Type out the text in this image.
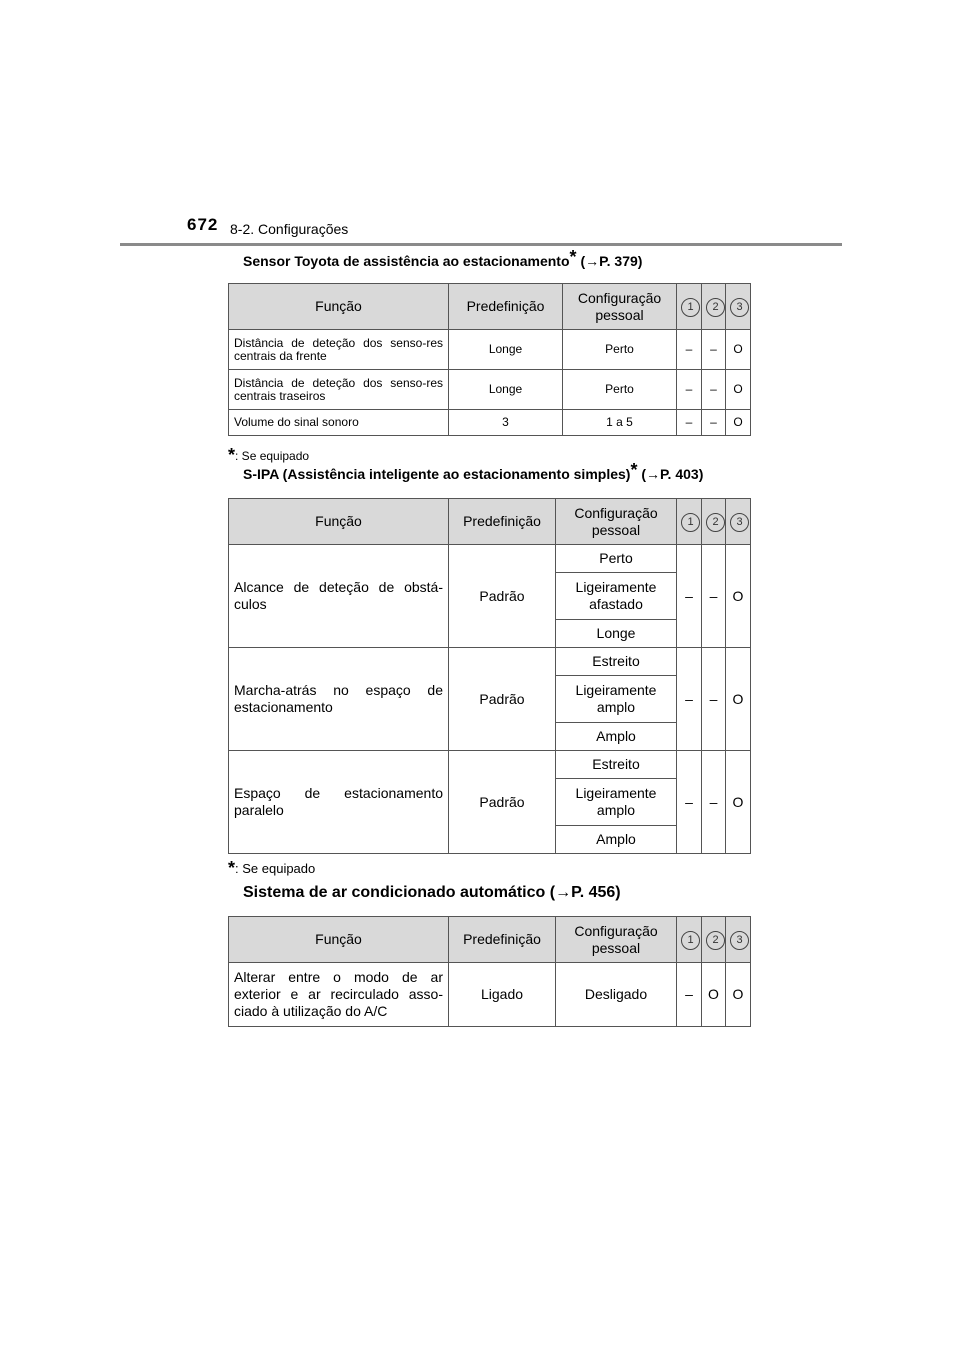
672 8-2. Configurações
Sensor Toyota de assistência ao estacionamento* (→P. 379)
Função	Predefinição	Configuração pessoal	1	2	3
Distância de deteção dos senso-res centrais da frente	Longe	Perto	–	–	O
Distância de deteção dos senso-res centrais traseiros	Longe	Perto	–	–	O
Volume do sinal sonoro	3	1 a 5	–	–	O
*: Se equipado
S-IPA (Assistência inteligente ao estacionamento simples)* (→P. 403)
Função	Predefinição	Configuração pessoal	1	2	3
Alcance de deteção de obstá-culos	Padrão	Perto	–	–	O
		Ligeiramente afastado			
		Longe			
Marcha-atrás no espaço de estacionamento	Padrão	Estreito	–	–	O
		Ligeiramente amplo			
		Amplo			
Espaço de estacionamento paralelo	Padrão	Estreito	–	–	O
		Ligeiramente amplo			
		Amplo			
*: Se equipado
Sistema de ar condicionado automático (→P. 456)
Função	Predefinição	Configuração pessoal	1	2	3
Alterar entre o modo de ar exterior e ar recirculado asso-ciado à utilização do A/C	Ligado	Desligado	–	O	O
